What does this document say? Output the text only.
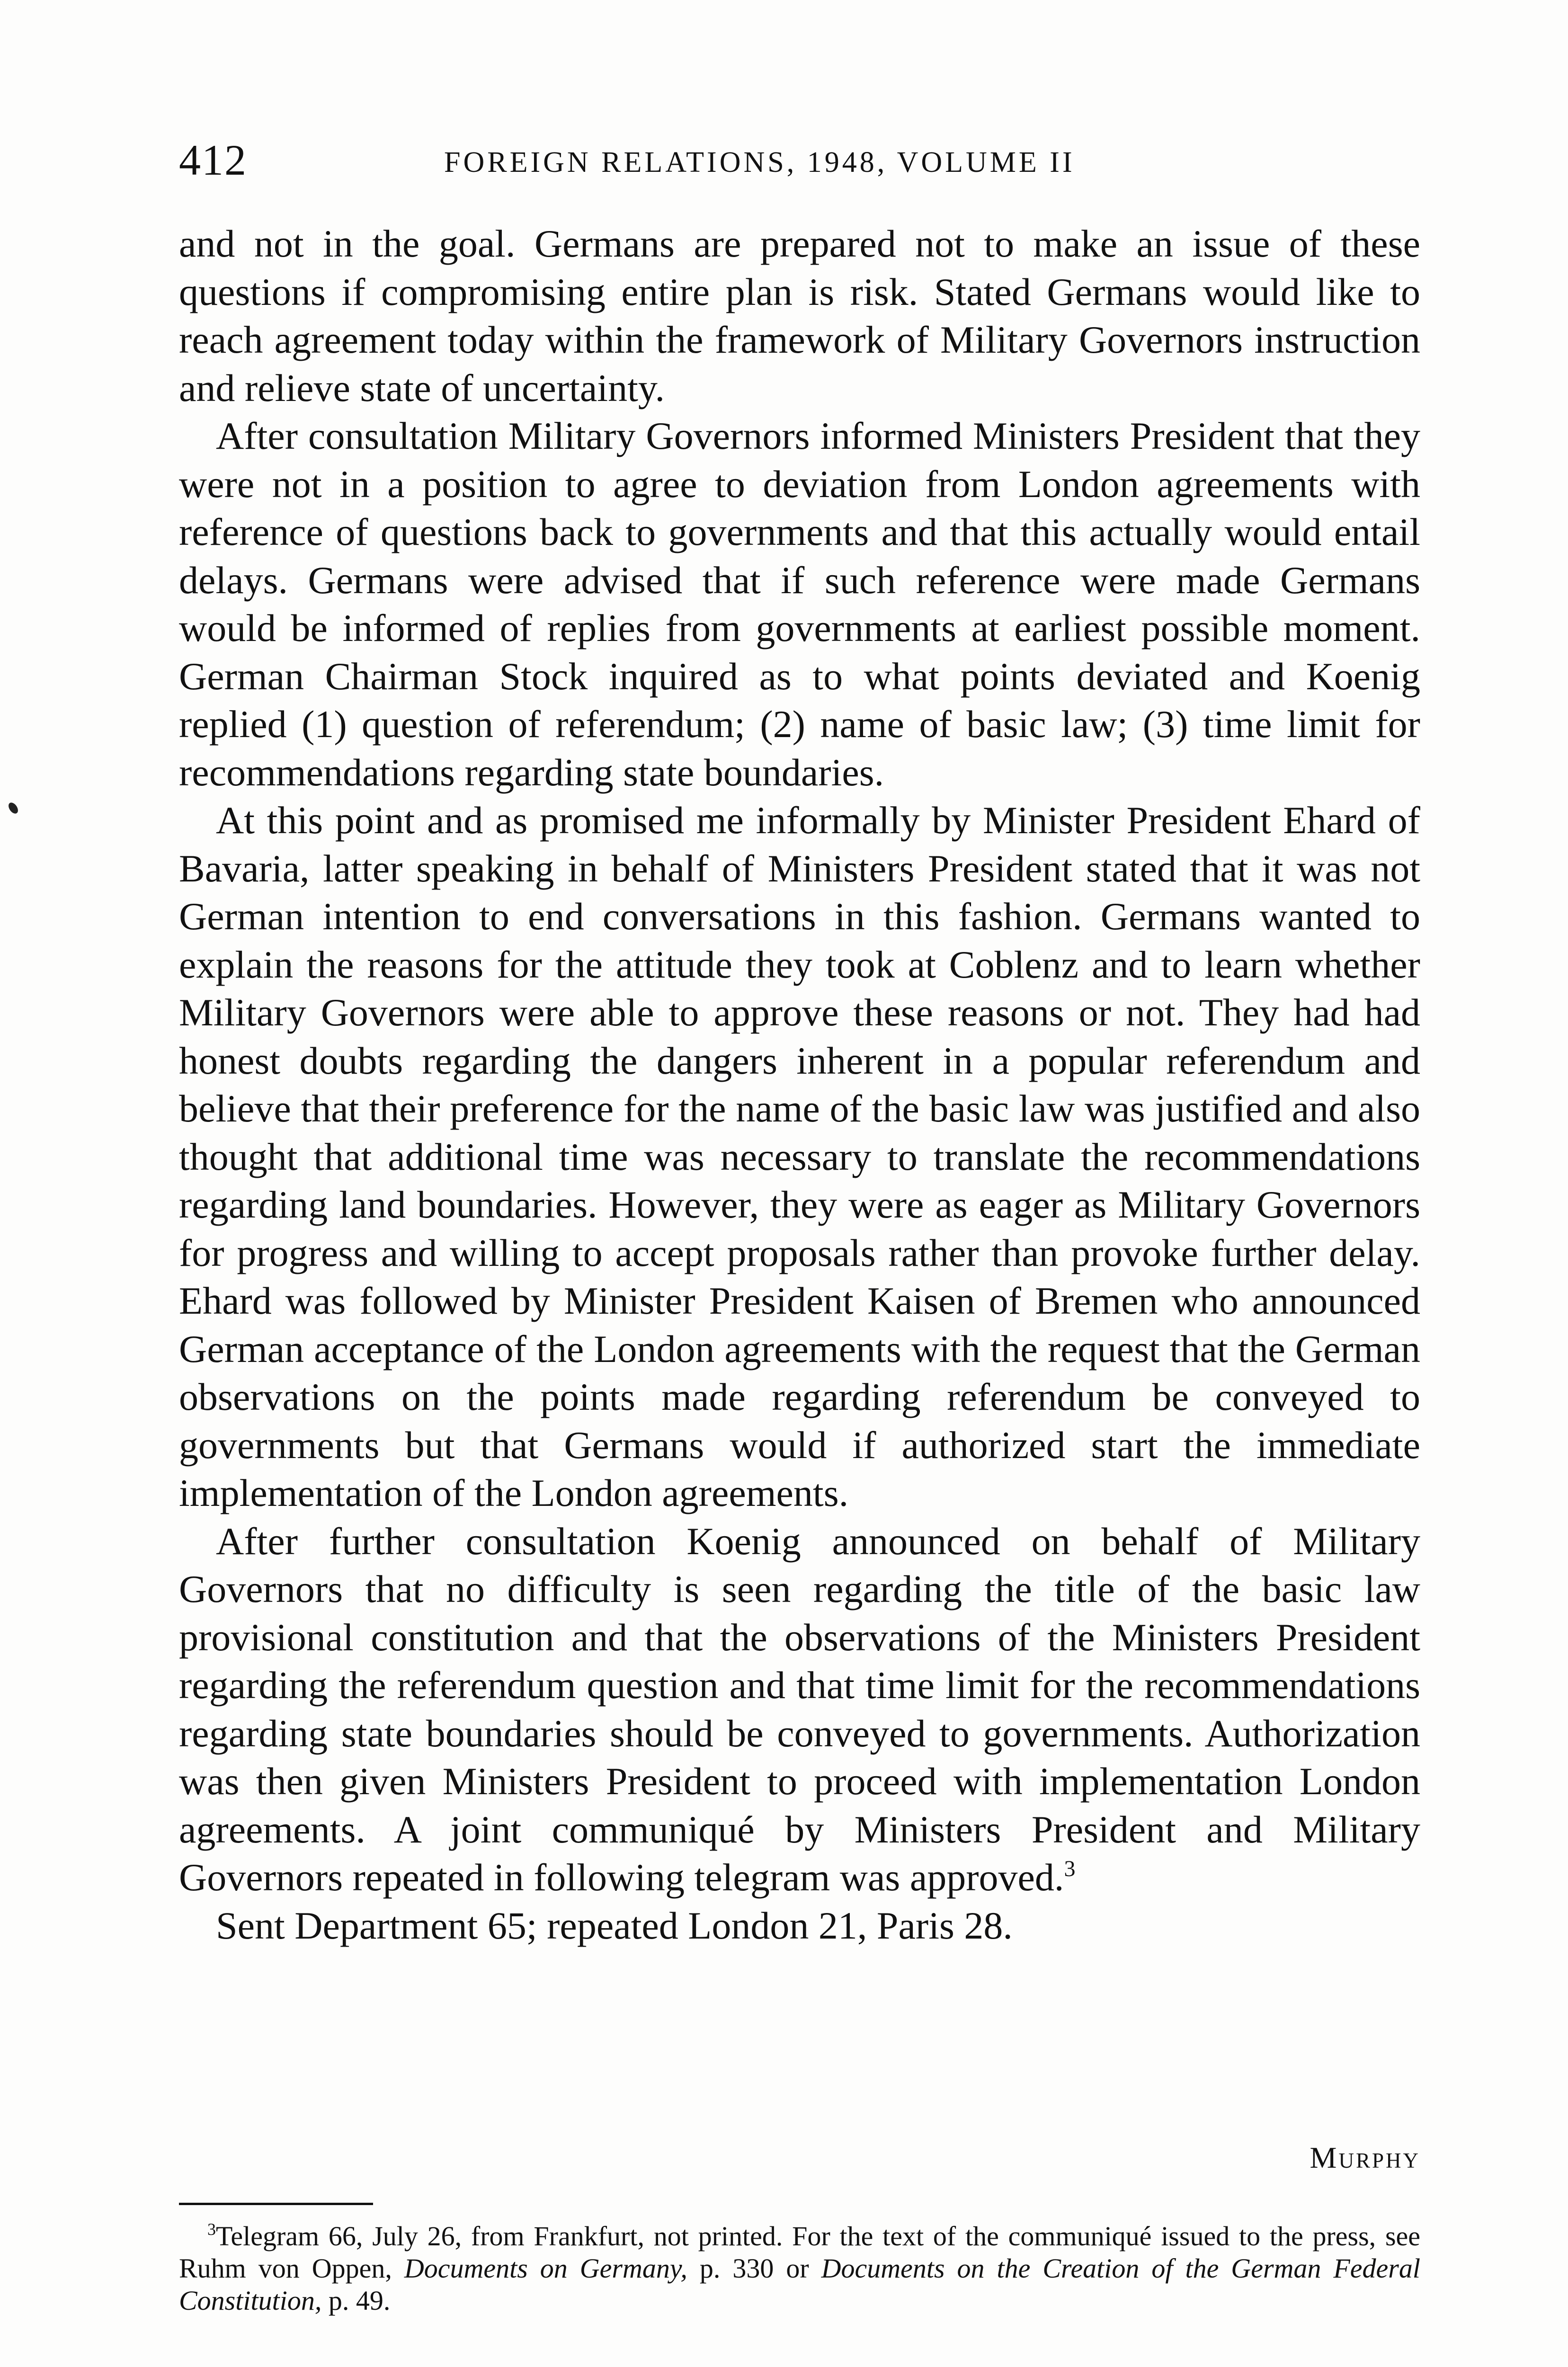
412	FOREIGN RELATIONS, 1948, VOLUME II

and not in the goal. Germans are prepared not to make an issue of these questions if compromising entire plan is risk. Stated Germans would like to reach agreement today within the framework of Military Governors instruction and relieve state of uncertainty.

After consultation Military Governors informed Ministers President that they were not in a position to agree to deviation from London agreements with reference of questions back to governments and that this actually would entail delays. Germans were advised that if such reference were made Germans would be informed of replies from governments at earliest possible moment. German Chairman Stock inquired as to what points deviated and Koenig replied (1) question of referendum; (2) name of basic law; (3) time limit for recommendations regarding state boundaries.

At this point and as promised me informally by Minister President Ehard of Bavaria, latter speaking in behalf of Ministers President stated that it was not German intention to end conversations in this fashion. Germans wanted to explain the reasons for the attitude they took at Coblenz and to learn whether Military Governors were able to approve these reasons or not. They had had honest doubts regarding the dangers inherent in a popular referendum and believe that their preference for the name of the basic law was justified and also thought that additional time was necessary to translate the recommendations regarding land boundaries. However, they were as eager as Military Governors for progress and willing to accept proposals rather than provoke further delay. Ehard was followed by Minister President Kaisen of Bremen who announced German acceptance of the London agreements with the request that the German observations on the points made regarding referendum be conveyed to governments but that Germans would if authorized start the immediate implementation of the London agreements.

After further consultation Koenig announced on behalf of Military Governors that no difficulty is seen regarding the title of the basic law provisional constitution and that the observations of the Ministers President regarding the referendum question and that time limit for the recommendations regarding state boundaries should be conveyed to governments. Authorization was then given Ministers President to proceed with implementation London agreements. A joint communiqué by Ministers President and Military Governors repeated in following telegram was approved.$^3$

Sent Department 65; repeated London 21, Paris 28.

Murphy

$^3$Telegram 66, July 26, from Frankfurt, not printed. For the text of the communiqué issued to the press, see Ruhm von Oppen, Documents on Germany, p. 330 or Documents on the Creation of the German Federal Constitution, p. 49.
